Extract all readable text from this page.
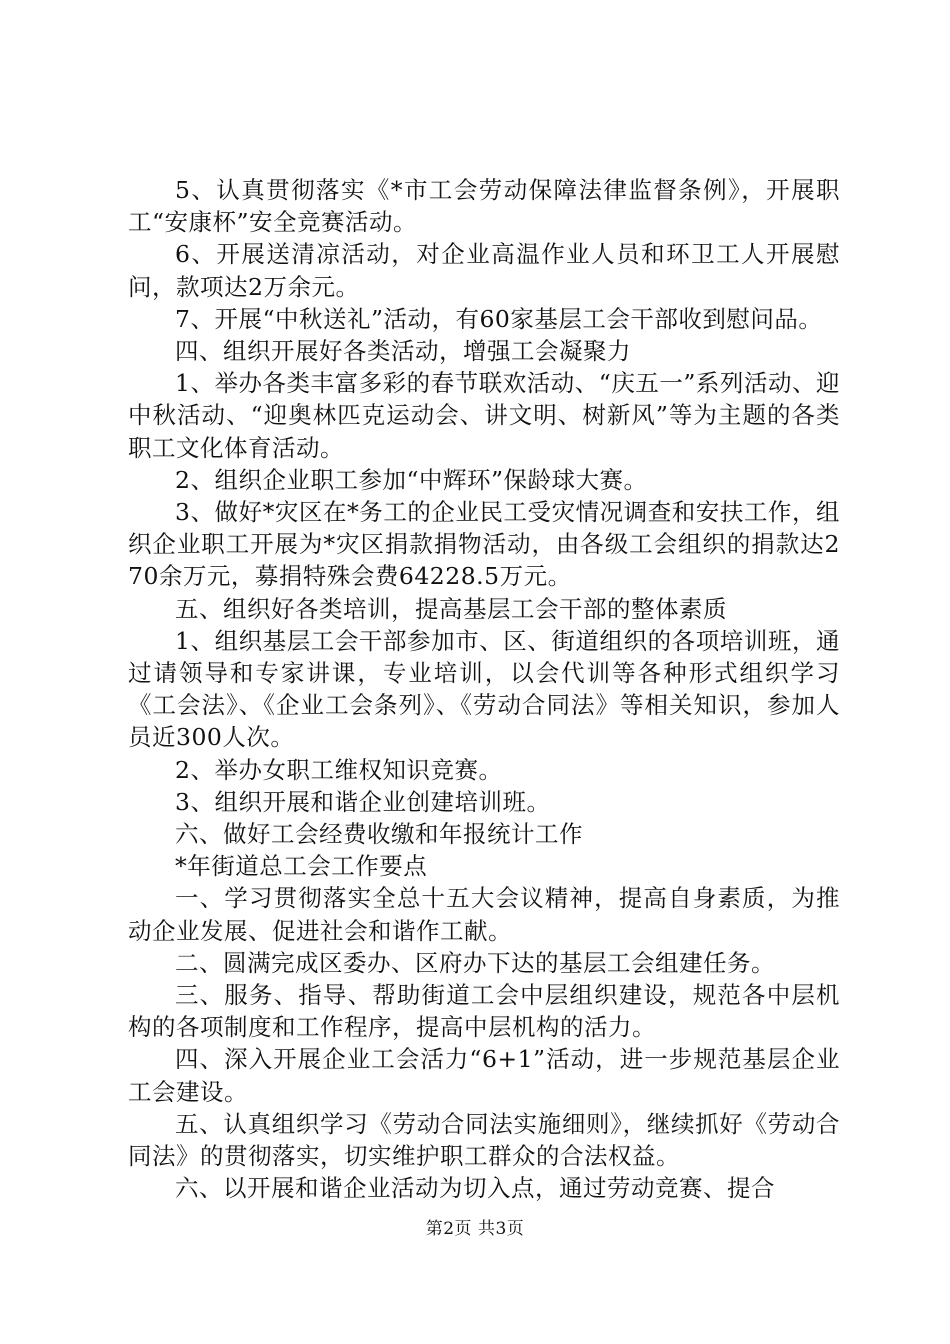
5、认真贯彻落实《*市工会劳动保障法律监督条例》，开展职工“安康杯”安全竞赛活动。

6、开展送清凉活动，对企业高温作业人员和环卫工人开展慰问，款项达2万余元。

7、开展“中秋送礼”活动，有60家基层工会干部收到慰问品。

四、组织开展好各类活动，增强工会凝聚力

1、举办各类丰富多彩的春节联欢活动、“庆五一”系列活动、迎中秋活动、“迎奥林匹克运动会、讲文明、树新风”等为主题的各类职工文化体育活动。

2、组织企业职工参加“中辉环”保龄球大赛。

3、做好*灾区在*务工的企业民工受灾情况调查和安扶工作，组织企业职工开展为*灾区捐款捐物活动，由各级工会组织的捐款达270余万元，募捐特殊会费64228.5万元。

五、组织好各类培训，提高基层工会干部的整体素质

1、组织基层工会干部参加市、区、街道组织的各项培训班，通过请领导和专家讲课，专业培训，以会代训等各种形式组织学习《工会法》、《企业工会条列》、《劳动合同法》等相关知识，参加人员近300人次。

2、举办女职工维权知识竞赛。

3、组织开展和谐企业创建培训班。

六、做好工会经费收缴和年报统计工作

*年街道总工会工作要点

一、学习贯彻落实全总十五大会议精神，提高自身素质，为推动企业发展、促进社会和谐作工献。

二、圆满完成区委办、区府办下达的基层工会组建任务。

三、服务、指导、帮助街道工会中层组织建设，规范各中层机构的各项制度和工作程序，提高中层机构的活力。

四、深入开展企业工会活力“6+1”活动，进一步规范基层企业工会建设。

五、认真组织学习《劳动合同法实施细则》，继续抓好《劳动合同法》的贯彻落实，切实维护职工群众的合法权益。

六、以开展和谐企业活动为切入点，通过劳动竞赛、提合

第2页 共3页
